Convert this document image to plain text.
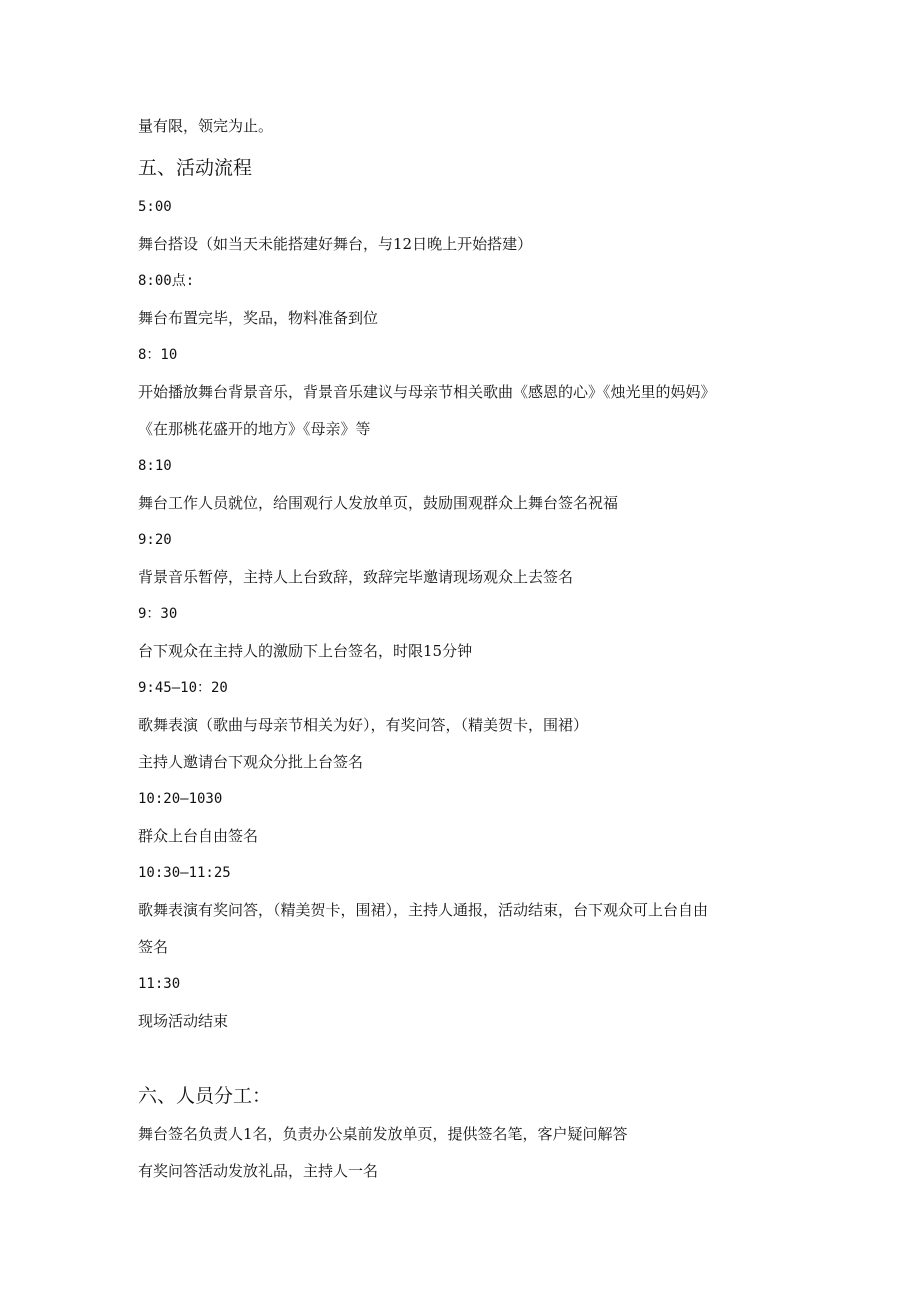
量有限，领完为止。
五、活动流程
5:00
舞台搭设（如当天未能搭建好舞台，与12日晚上开始搭建）
8:00点:
舞台布置完毕，奖品，物料准备到位
8：10
开始播放舞台背景音乐，背景音乐建议与母亲节相关歌曲《感恩的心》《烛光里的妈妈》
《在那桃花盛开的地方》《母亲》等
8:10
舞台工作人员就位，给围观行人发放单页，鼓励围观群众上舞台签名祝福
9:20
背景音乐暂停，主持人上台致辞，致辞完毕邀请现场观众上去签名
9：30
台下观众在主持人的激励下上台签名，时限15分钟
9:45—10：20
歌舞表演（歌曲与母亲节相关为好），有奖问答，（精美贺卡，围裙）
主持人邀请台下观众分批上台签名
10:20—1030
群众上台自由签名
10:30—11:25
歌舞表演有奖问答，（精美贺卡，围裙），主持人通报，活动结束，台下观众可上台自由
签名
11:30
现场活动结束
六、人员分工：
舞台签名负责人1名，负责办公桌前发放单页，提供签名笔，客户疑问解答
有奖问答活动发放礼品，主持人一名
